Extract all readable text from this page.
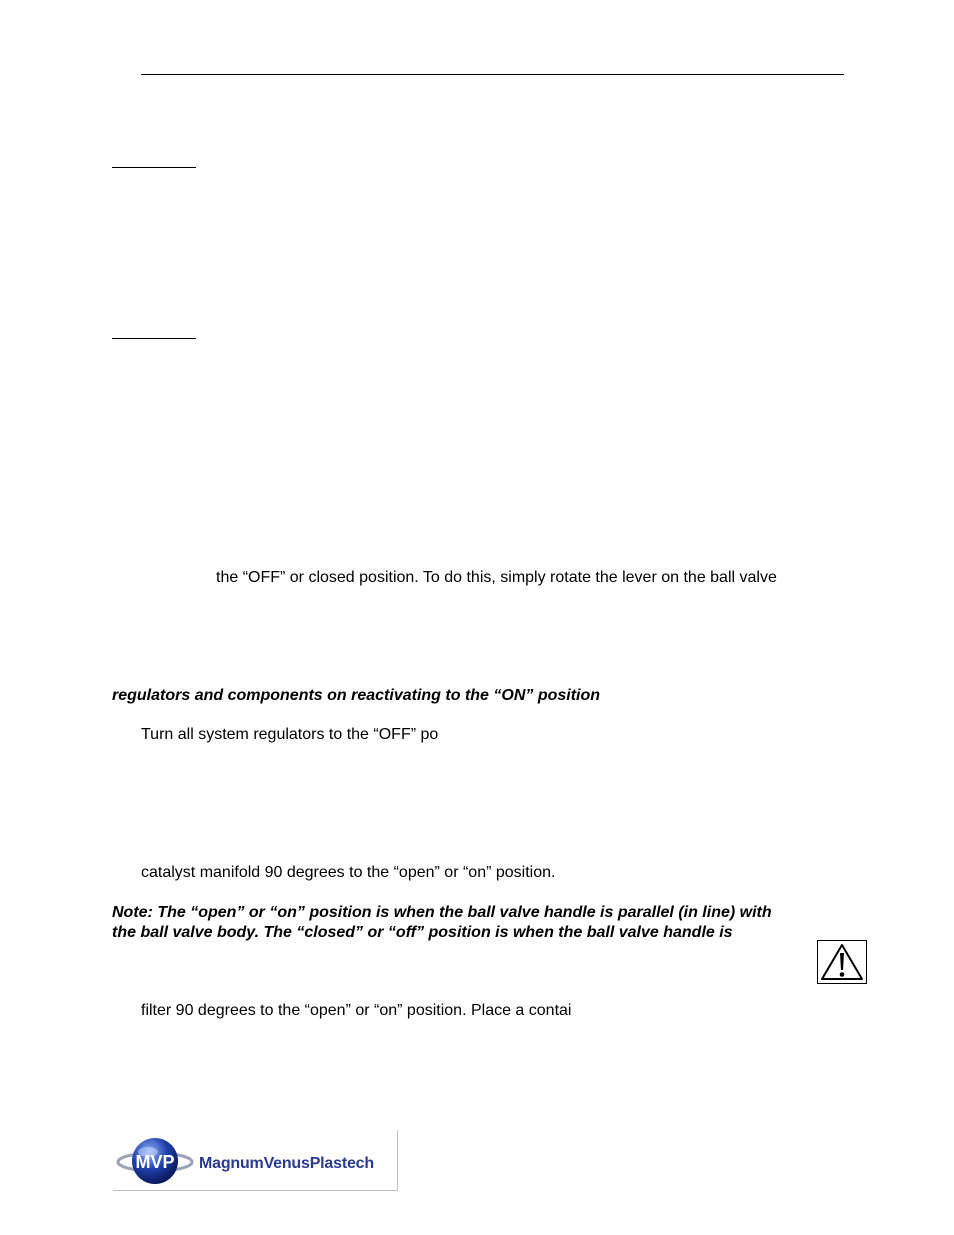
the “OFF” or closed position. To do this, simply rotate the lever on the ball valve
regulators and components on reactivating to the “ON” position
Turn all system regulators to the “OFF” po
catalyst manifold 90 degrees to the “open” or “on” position.
Note: The “open” or “on” position is when the ball valve handle is parallel (in line) with
the ball valve body. The “closed” or “off” position is when the ball valve handle is
filter 90 degrees to the “open” or “on” position. Place a contai
MVP MagnumVenusPlastech
